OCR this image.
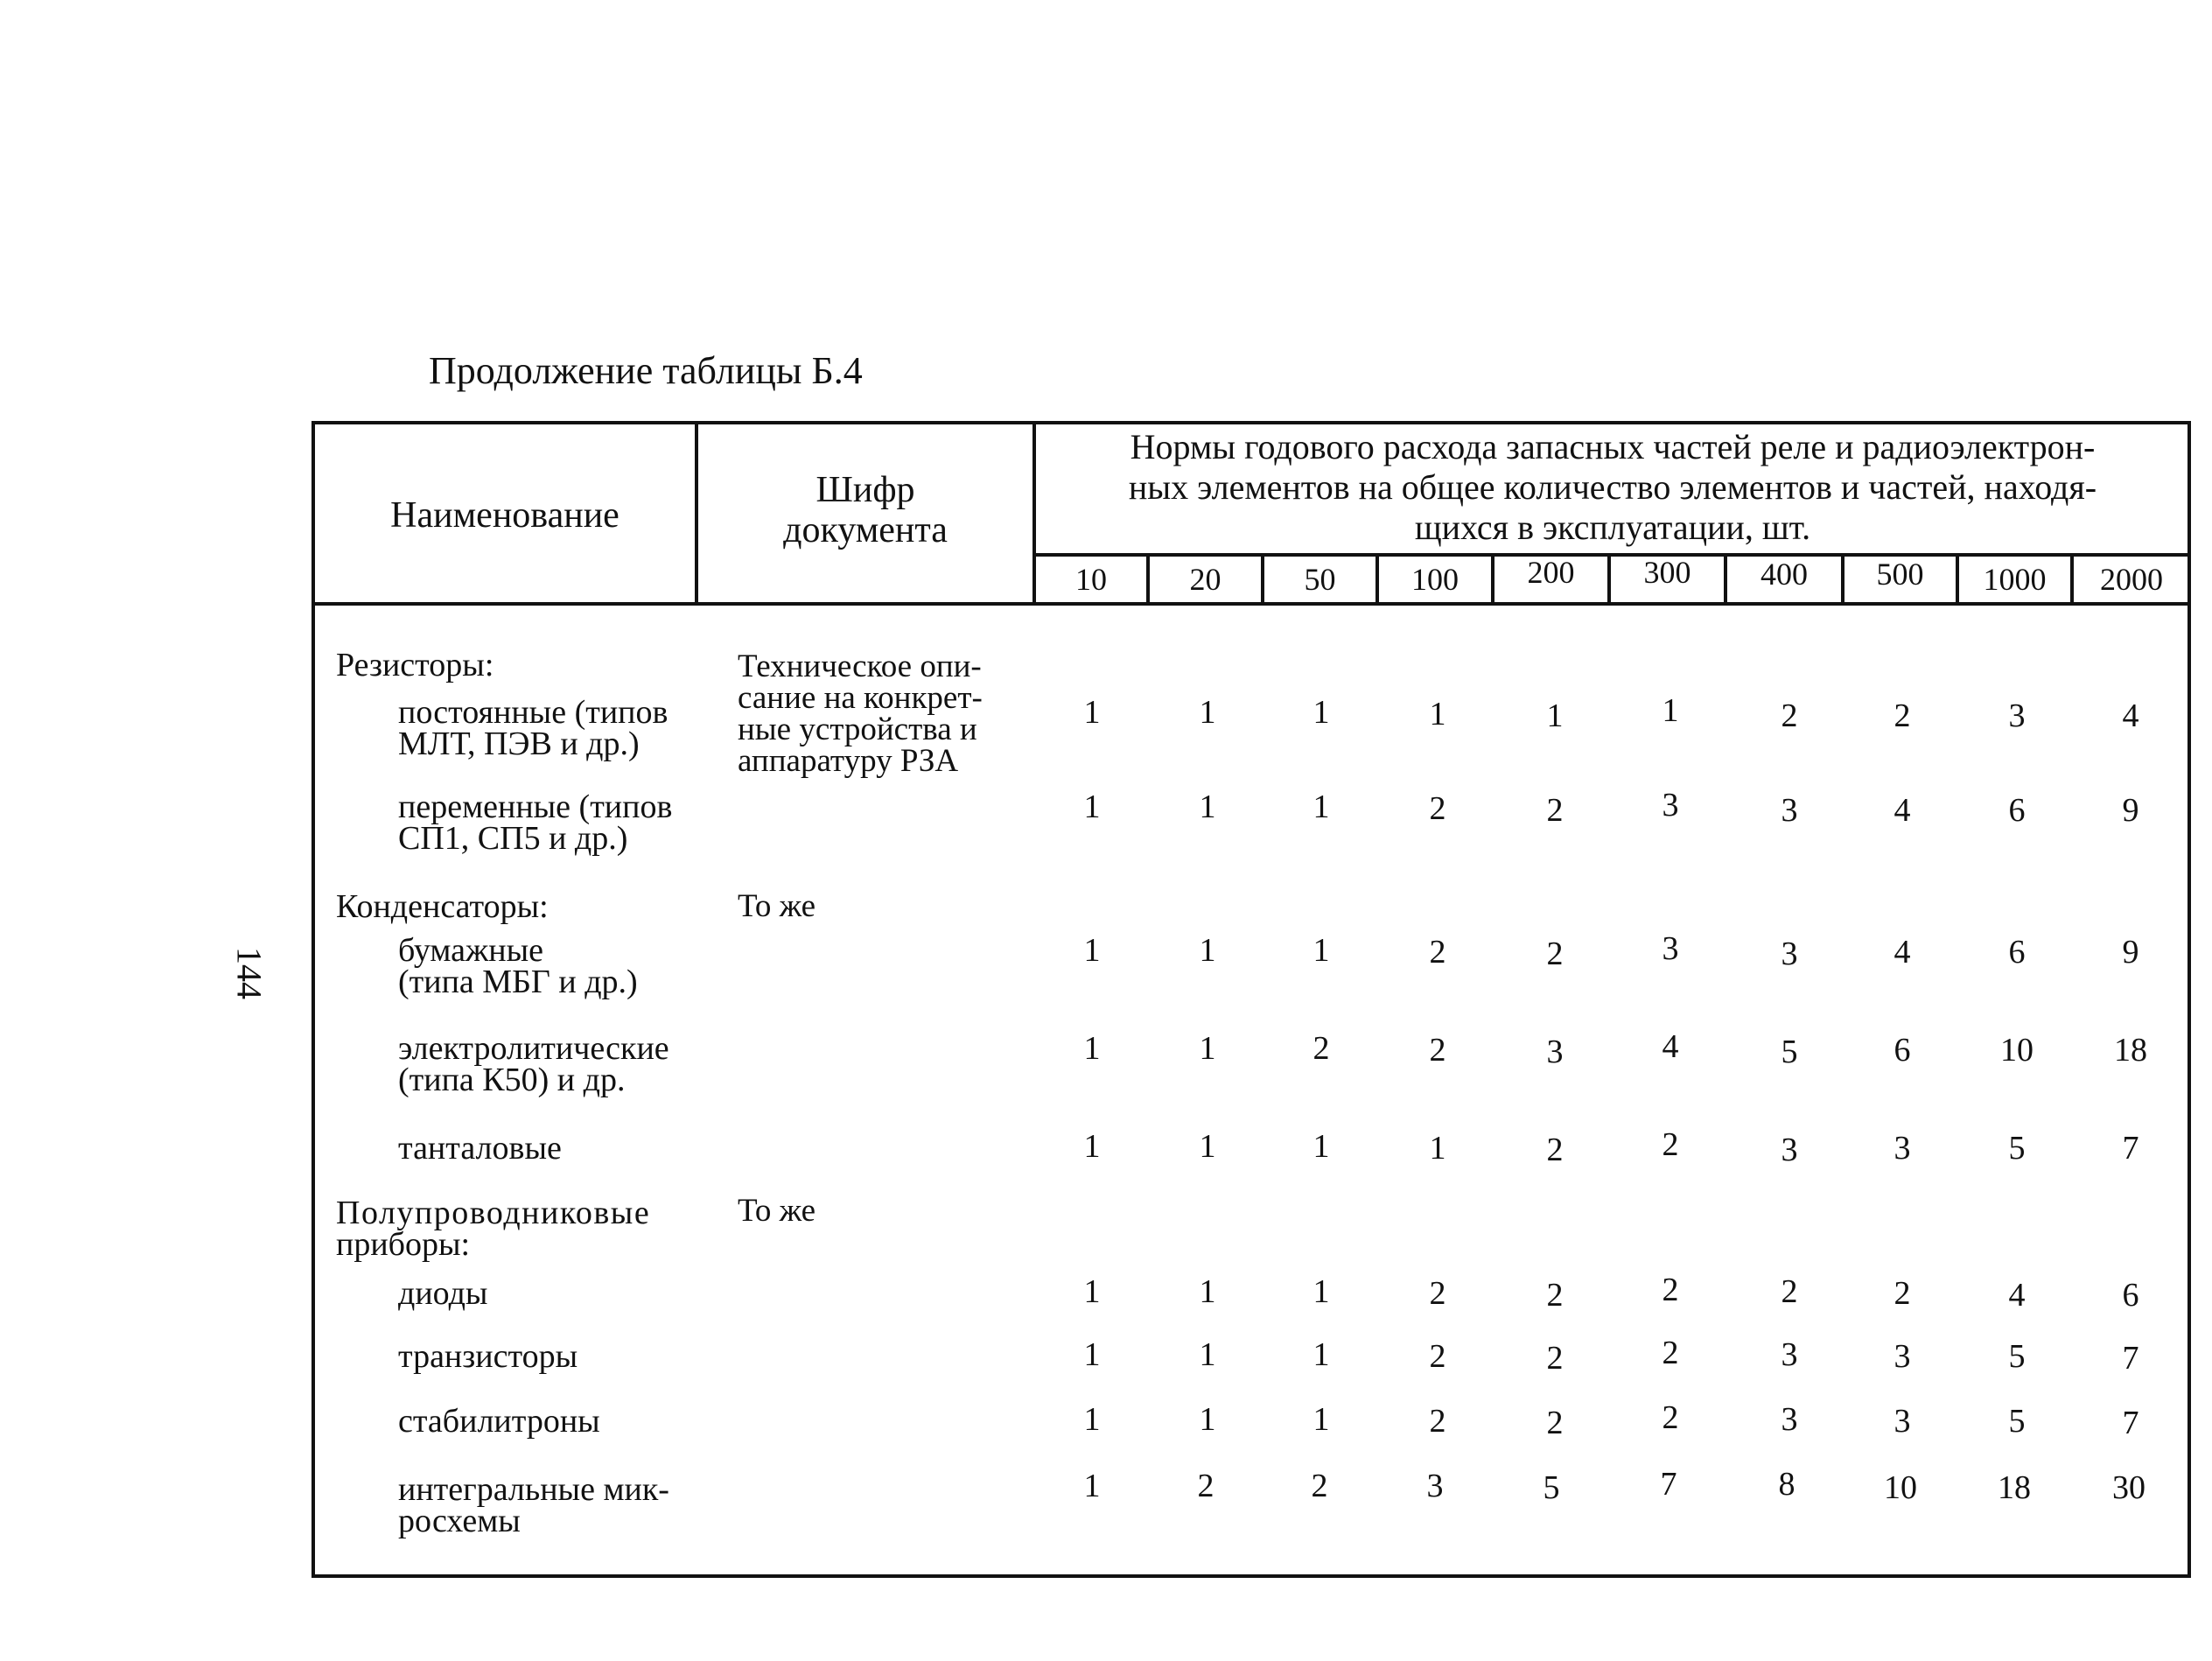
Продолжение таблицы Б.4
144
Наименование
Шифр
документа
Нормы годового расхода запасных частей реле и радиоэлектрон-
ных элементов на общее количество элементов и частей, находя-
щихся в эксплуатации, шт.
10	20	50	100	200	300	400	500	1000	2000
Резисторы:	Техническое опи-
сание на конкрет-
ные устройства и
аппаратуру РЗА
постоянные (типов
МЛТ, ПЭВ и др.)
1	1	1	1	1	1	2	2	3	4
переменные (типов
СП1, СП5 и др.)
1	1	1	2	2	3	3	4	6	9
Конденсаторы:	То же
бумажные
(типа МБГ и др.)
1	1	1	2	2	3	3	4	6	9
электролитические
(типа К50) и др.
1	1	2	2	3	4	5	6	10	18
танталовые	1	1	1	1	2	2	3	3	5	7
Полупроводниковые
приборы:
То же
диоды	1	1	1	2	2	2	2	2	4	6
транзисторы	1	1	1	2	2	2	3	3	5	7
стабилитроны	1	1	1	2	2	2	3	3	5	7
интегральные мик-
росхемы
1	2	2	3	5	7	8	10	18	30
